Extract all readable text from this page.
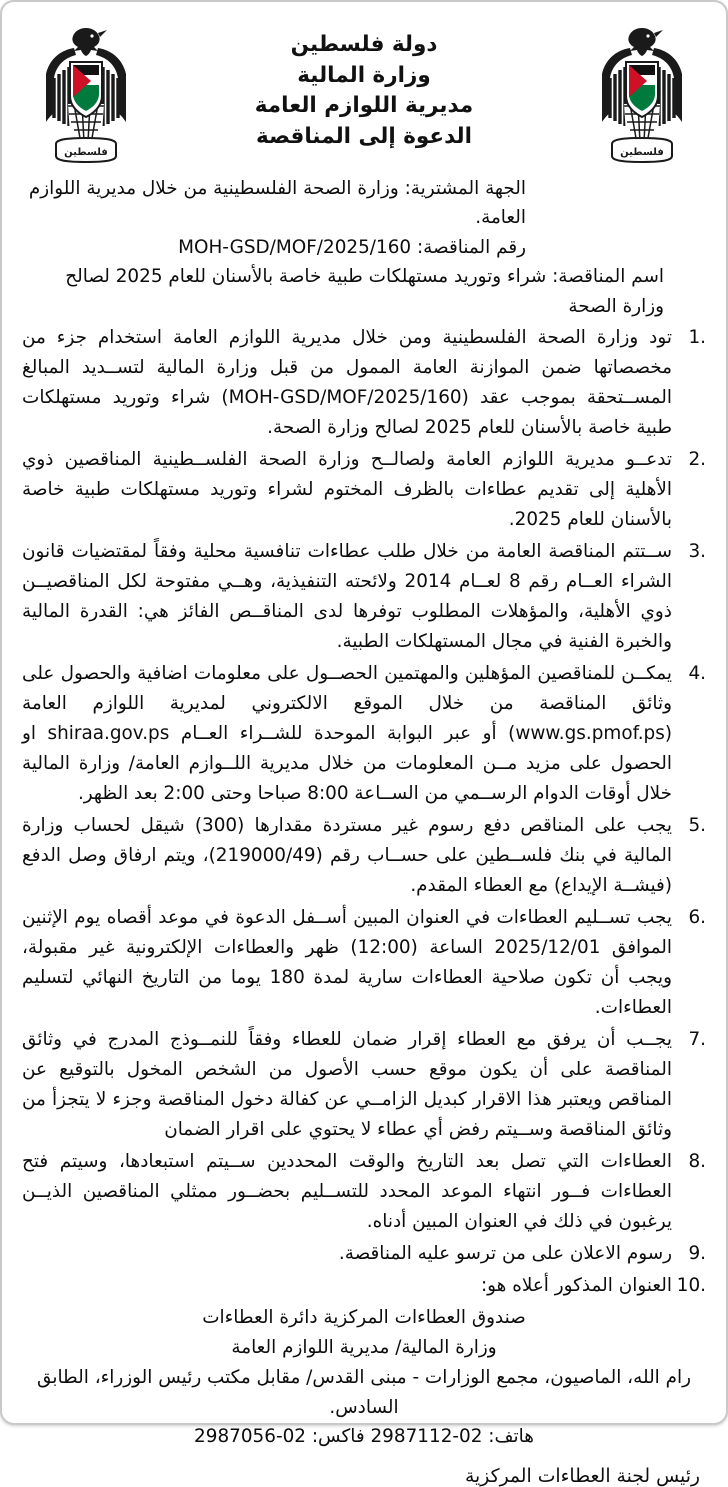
فلسطين
دولة فلسطين
وزارة المالية
مديرية اللوازم العامة
الدعوة إلى المناقصة
فلسطين
الجهة المشترية: وزارة الصحة الفلسطينية من خلال مديرية اللوازم العامة.
رقم المناقصة: MOH-GSD/MOF/2025/160
اسم المناقصة: شراء وتوريد مستهلكات طبية خاصة بالأسنان للعام 2025 لصالح وزارة الصحة
1.
تود وزارة الصحة الفلسطينية ومن خلال مديرية اللوازم العامة استخدام جزء من مخصصاتها ضمن الموازنة العامة الممول من قبل وزارة المالية لتســديد المبالغ المســتحقة بموجب عقد (MOH-GSD/MOF/2025/160) شراء وتوريد مستهلكات طبية خاصة بالأسنان للعام 2025 لصالح وزارة الصحة.
2.
تدعــو مديرية اللوازم العامة ولصالــح وزارة الصحة الفلســطينية المناقصين ذوي الأهلية إلى تقديم عطاءات بالظرف المختوم لشراء وتوريد مستهلكات طبية خاصة بالأسنان للعام 2025.
3.
ســتتم المناقصة العامة من خلال طلب عطاءات تنافسية محلية وفقاً لمقتضيات قانون الشراء العــام رقم 8 لعــام 2014 ولائحته التنفيذية، وهــي مفتوحة لكل المناقصيــن ذوي الأهلية، والمؤهلات المطلوب توفرها لدى المناقــص الفائز هي: القدرة المالية والخبرة الفنية في مجال المستهلكات الطبية.
4.
يمكــن للمناقصين المؤهلين والمهتمين الحصــول على معلومات اضافية والحصول على وثائق المناقصة من خلال الموقع الالكتروني لمديرية اللوازم العامة (www.gs.pmof.ps) أو عبر البوابة الموحدة للشــراء العــام shiraa.gov.ps او الحصول على مزيد مــن المعلومات من خلال مديرية اللــوازم العامة/ وزارة المالية خلال أوقات الدوام الرســمي من الســاعة 8:00 صباحا وحتى 2:00 بعد الظهر.
5.
يجب على المناقص دفع رسوم غير مستردة مقدارها (300) شيقل لحساب وزارة المالية في بنك فلســطين على حســاب رقم (219000/49)، ويتم ارفاق وصل الدفع (فيشــة الإيداع) مع العطاء المقدم.
6.
يجب تســليم العطاءات في العنوان المبين أســفل الدعوة في موعد أقصاه يوم الإثنين الموافق 2025/12/01 الساعة (12:00) ظهر والعطاءات الإلكترونية غير مقبولة، ويجب أن تكون صلاحية العطاءات سارية لمدة 180 يوما من التاريخ النهائي لتسليم العطاءات.
7.
يجــب أن يرفق مع العطاء إقرار ضمان للعطاء وفقاً للنمــوذج المدرج في وثائق المناقصة على أن يكون موقع حسب الأصول من الشخص المخول بالتوقيع عن المناقص ويعتبر هذا الاقرار كبديل الزامــي عن كفالة دخول المناقصة وجزء لا يتجزأ من وثائق المناقصة وســيتم رفض أي عطاء لا يحتوي على اقرار الضمان
8.
العطاءات التي تصل بعد التاريخ والوقت المحددين ســيتم استبعادها، وسيتم فتح العطاءات فــور انتهاء الموعد المحدد للتســليم بحضــور ممثلي المناقصين الذيــن يرغبون في ذلك في العنوان المبين أدناه.
9.
رسوم الاعلان على من ترسو عليه المناقصة.
10.
العنوان المذكور أعلاه هو:
صندوق العطاءات المركزية دائرة العطاءات
وزارة المالية/ مديرية اللوازم العامة
رام الله، الماصيون، مجمع الوزارات - مبنى القدس/ مقابل مكتب رئيس الوزراء، الطابق السادس.
هاتف: 02-2987112 فاكس: 02-2987056
رئيس لجنة العطاءات المركزية
